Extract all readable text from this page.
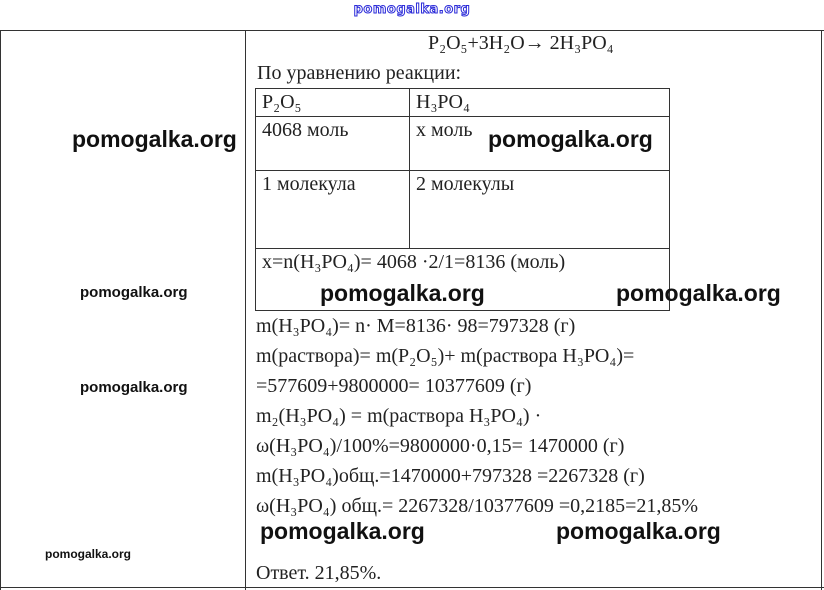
pomogalka.org
P₂O₅+3H₂O→ 2H₃PO₄
По уравнению реакции:
P₂O₅	H₃PO₄
4068 моль	x моль
1 молекула	2 молекулы
x=n(H₃PO₄)= 4068 ·2/1=8136 (моль)	
m(H₃PO₄)= n· M=8136· 98=797328 (г)
m(раствора)= m(P₂O₅)+ m(раствора H₃PO₄)=
=577609+9800000= 10377609 (г)
m₂(H₃PO₄) = m(раствора H₃PO₄) ·
ω(H₃PO₄)/100%=9800000·0,15= 1470000 (г)
m(H₃PO₄)общ.=1470000+797328 =2267328 (г)
ω(H₃PO₄) общ.= 2267328/10377609 =0,2185=21,85%
Ответ. 21,85%.
pomogalka.org	pomogalka.org
pomogalka.org	pomogalka.org	pomogalka.org
pomogalka.org
pomogalka.org	pomogalka.org
pomogalka.org
